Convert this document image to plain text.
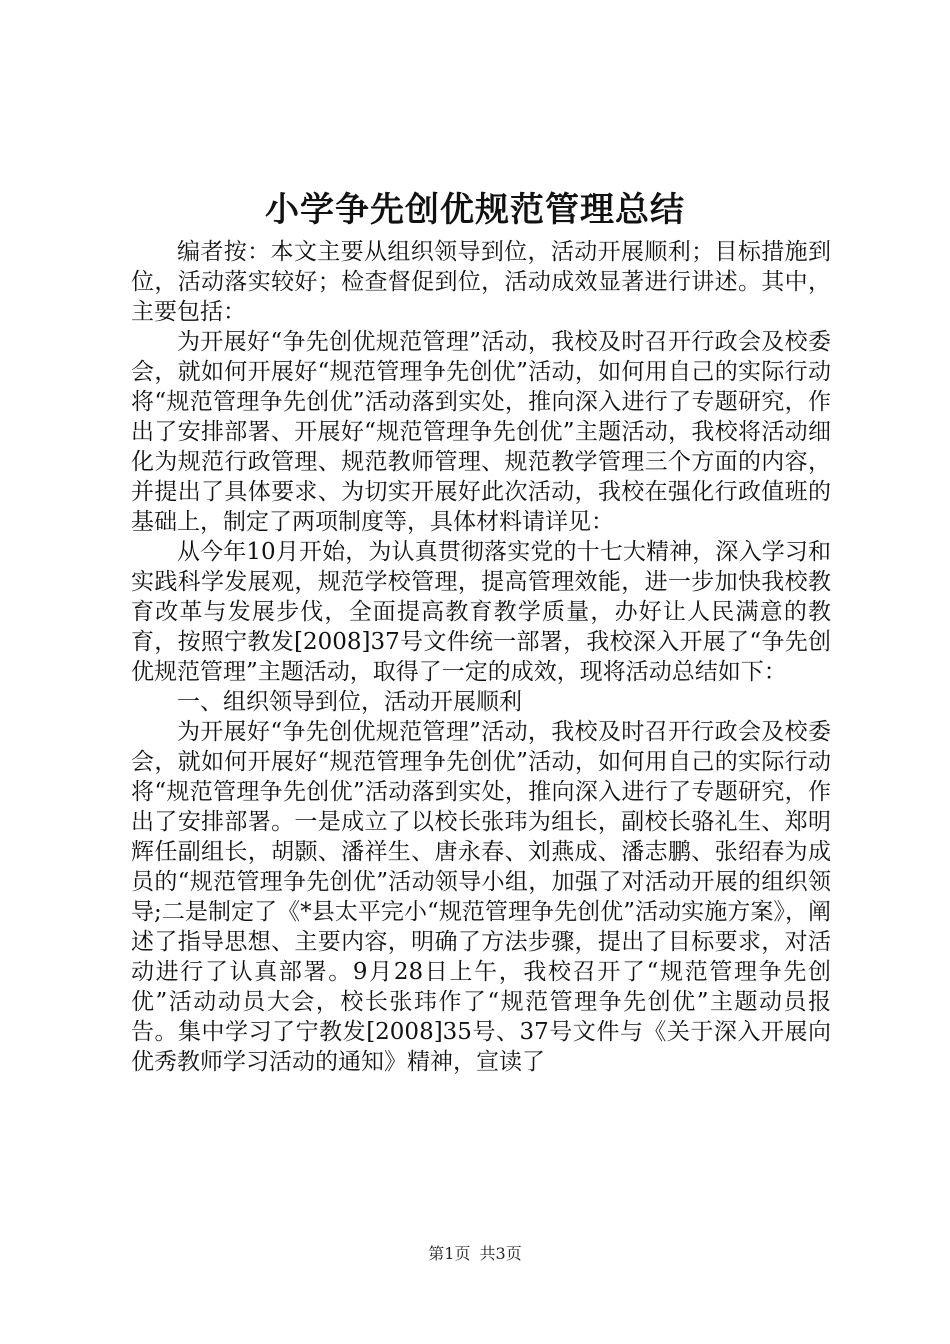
小学争先创优规范管理总结

编者按：本文主要从组织领导到位，活动开展顺利；目标措施到位，活动落实较好；检查督促到位，活动成效显著进行讲述。其中，主要包括：

为开展好“争先创优规范管理”活动，我校及时召开行政会及校委会，就如何开展好“规范管理争先创优”活动，如何用自己的实际行动将“规范管理争先创优”活动落到实处，推向深入进行了专题研究，作出了安排部署、开展好“规范管理争先创优”主题活动，我校将活动细化为规范行政管理、规范教师管理、规范教学管理三个方面的内容，并提出了具体要求、为切实开展好此次活动，我校在强化行政值班的基础上，制定了两项制度等，具体材料请详见：

从今年10月开始，为认真贯彻落实党的十七大精神，深入学习和实践科学发展观，规范学校管理，提高管理效能，进一步加快我校教育改革与发展步伐，全面提高教育教学质量，办好让人民满意的教育，按照宁教发[2008]37号文件统一部署，我校深入开展了“争先创优规范管理”主题活动，取得了一定的成效，现将活动总结如下：

一、组织领导到位，活动开展顺利

为开展好“争先创优规范管理”活动，我校及时召开行政会及校委会，就如何开展好“规范管理争先创优”活动，如何用自己的实际行动将“规范管理争先创优”活动落到实处，推向深入进行了专题研究，作出了安排部署。一是成立了以校长张玮为组长，副校长骆礼生、郑明辉任副组长，胡颢、潘祥生、唐永春、刘燕成、潘志鹏、张绍春为成员的“规范管理争先创优”活动领导小组，加强了对活动开展的组织领导;二是制定了《*县太平完小“规范管理争先创优”活动实施方案》，阐述了指导思想、主要内容，明确了方法步骤，提出了目标要求，对活动进行了认真部署。9月28日上午，我校召开了“规范管理争先创优”活动动员大会，校长张玮作了“规范管理争先创优”主题动员报告。集中学习了宁教发[2008]35号、37号文件与《关于深入开展向优秀教师学习活动的通知》精神，宣读了

第1页 共3页
